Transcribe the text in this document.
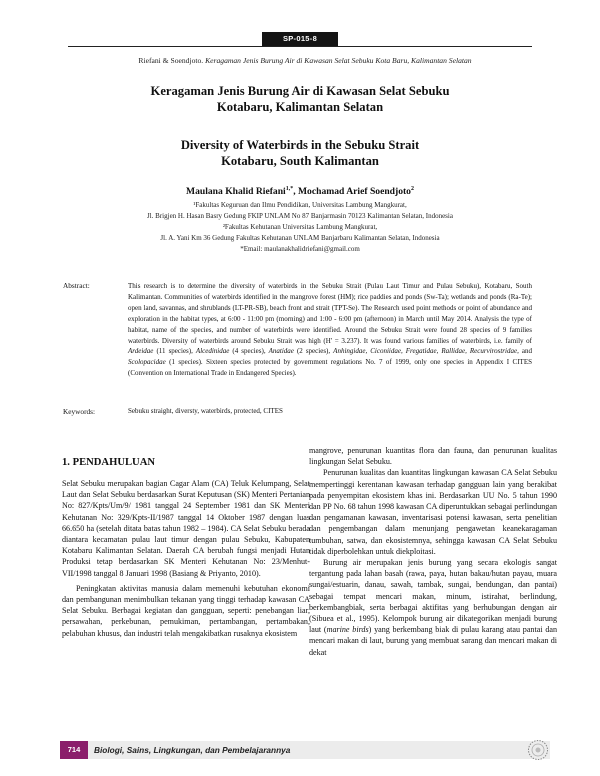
SP-015-8
Riefani & Soendjoto. Keragaman Jenis Burung Air di Kawasan Selat Sebuku Kota Baru, Kalimantan Selatan
Keragaman Jenis Burung Air di Kawasan Selat Sebuku
Kotabaru, Kalimantan Selatan
Diversity of Waterbirds in the Sebuku Strait
Kotabaru, South Kalimantan
Maulana Khalid Riefani$^{1,*}$, Mochamad Arief Soendjoto$^2$
¹Fakultas Keguruan dan Ilmu Pendidikan, Universitas Lambung Mangkurat,
Jl. Brigjen H. Hasan Basry Gedung FKIP UNLAM No 87 Banjarmasin 70123 Kalimantan Selatan, Indonesia
²Fakultas Kehutanan Universitas Lambung Mangkurat,
Jl. A. Yani Km 36 Gedung Fakultas Kehutanan UNLAM Banjarbaru Kalimantan Selatan, Indonesia
*Email: maulanakhalidriefani@gmail.com
Abstract:	This research is to determine the diversity of waterbirds in the Sebuku Strait (Pulau Laut Timur and Pulau Sebuku), Kotabaru, South Kalimantan. Communities of waterbirds identified in the mangrove forest (HM); rice paddies and ponds (Sw-Ta); wetlands and ponds (Ra-Te); open land, savannas, and shrublands (LT-PR-SB), beach front and strait (TPT-Se). The Research used point methods or point of abundance and exploration in the habitat types, at 6:00 - 11:00 pm (morning) and 1:00 - 6:00 pm (afternoon) in March until May 2014. Analysis the type of habitat, name of the species, and number of waterbirds were identified. Around the Sebuku Strait were found 28 species of 9 families waterbirds. Diversity of waterbirds around Sebuku Strait was high (H' = 3.237). It was found various families of waterbirds, i.e. family of Ardeidae (11 species), Alcedinidae (4 species), Anatidae (2 species), Anhingidae, Ciconiidae, Fregatidae, Rallidae, Recurvirostridae, and Scolopacidae (1 species). Sixteen species protected by government regulations No. 7 of 1999, only one species in Appendix I CITES (Convention on International Trade in Endangered Species).
Keywords:	Sebuku straight, diversty, waterbirds, protected, CITES
1. PENDAHULUAN

Selat Sebuku merupakan bagian Cagar Alam (CA) Teluk Kelumpang, Selat Laut dan Selat Sebuku berdasarkan Surat Keputusan (SK) Menteri Pertanian No: 827/Kpts/Um/9/ 1981 tanggal 24 September 1981 dan SK Menteri Kehutanan No: 329/Kpts-II/1987 tanggal 14 Oktober 1987 dengan luas 66.650 ha (setelah ditata batas tahun 1982 – 1984). CA Selat Sebuku berada diantara kecamatan pulau laut timur dengan pulau Sebuku, Kabupaten Kotabaru Kalimantan Selatan. Daerah CA berubah fungsi menjadi Hutan Produksi tetap berdasarkan SK Menteri Kehutanan No: 23/Menhut-VII/1998 tanggal 8 Januari 1998 (Basiang & Priyanto, 2010).

Peningkatan aktivitas manusia dalam memenuhi kebutuhan ekonomi dan pembangunan menimbulkan tekanan yang tinggi terhadap kawasan CA Selat Sebuku. Berbagai kegiatan dan gangguan, seperti: penebangan liar, persawahan, perkebunan, pemukiman, pertambangan, pertambakan, pelabuhan khusus, dan industri telah mengakibatkan rusaknya ekosistem

mangrove, penurunan kuantitas flora dan fauna, dan penurunan kualitas lingkungan Selat Sebuku.

Penurunan kualitas dan kuantitas lingkungan kawasan CA Selat Sebuku mempertinggi kerentanan kawasan terhadap gangguan lain yang berakibat pada penyempitan ekosistem khas ini. Berdasarkan UU No. 5 tahun 1990 dan PP No. 68 tahun 1998 kawasan CA diperuntukkan sebagai perlindungan dan pengamanan kawasan, inventarisasi potensi kawasan, serta penelitian dan pengembangan dalam menunjang pengawetan keanekaragaman tumbuhan, satwa, dan ekosistemnya, sehingga kawasan CA Selat Sebuku tidak diperbolehkan untuk diekploitasi.

Burung air merupakan jenis burung yang secara ekologis sangat tergantung pada lahan basah (rawa, paya, hutan bakau/hutan payau, muara sungai/estuarin, danau, sawah, tambak, sungai, bendungan, dan pantai) sebagai tempat mencari makan, minum, istirahat, berlindung, berkembangbiak, serta berbagai aktifitas yang berhubungan dengan air (Sibuea et al., 1995). Kelompok burung air dikategorikan menjadi burung laut (marine birds) yang berkembang biak di pulau karang atau pantai dan mencari makan di laut, burung yang membuat sarang dan mencari makan di dekat

714	Biologi, Sains, Lingkungan, dan Pembelajarannya
